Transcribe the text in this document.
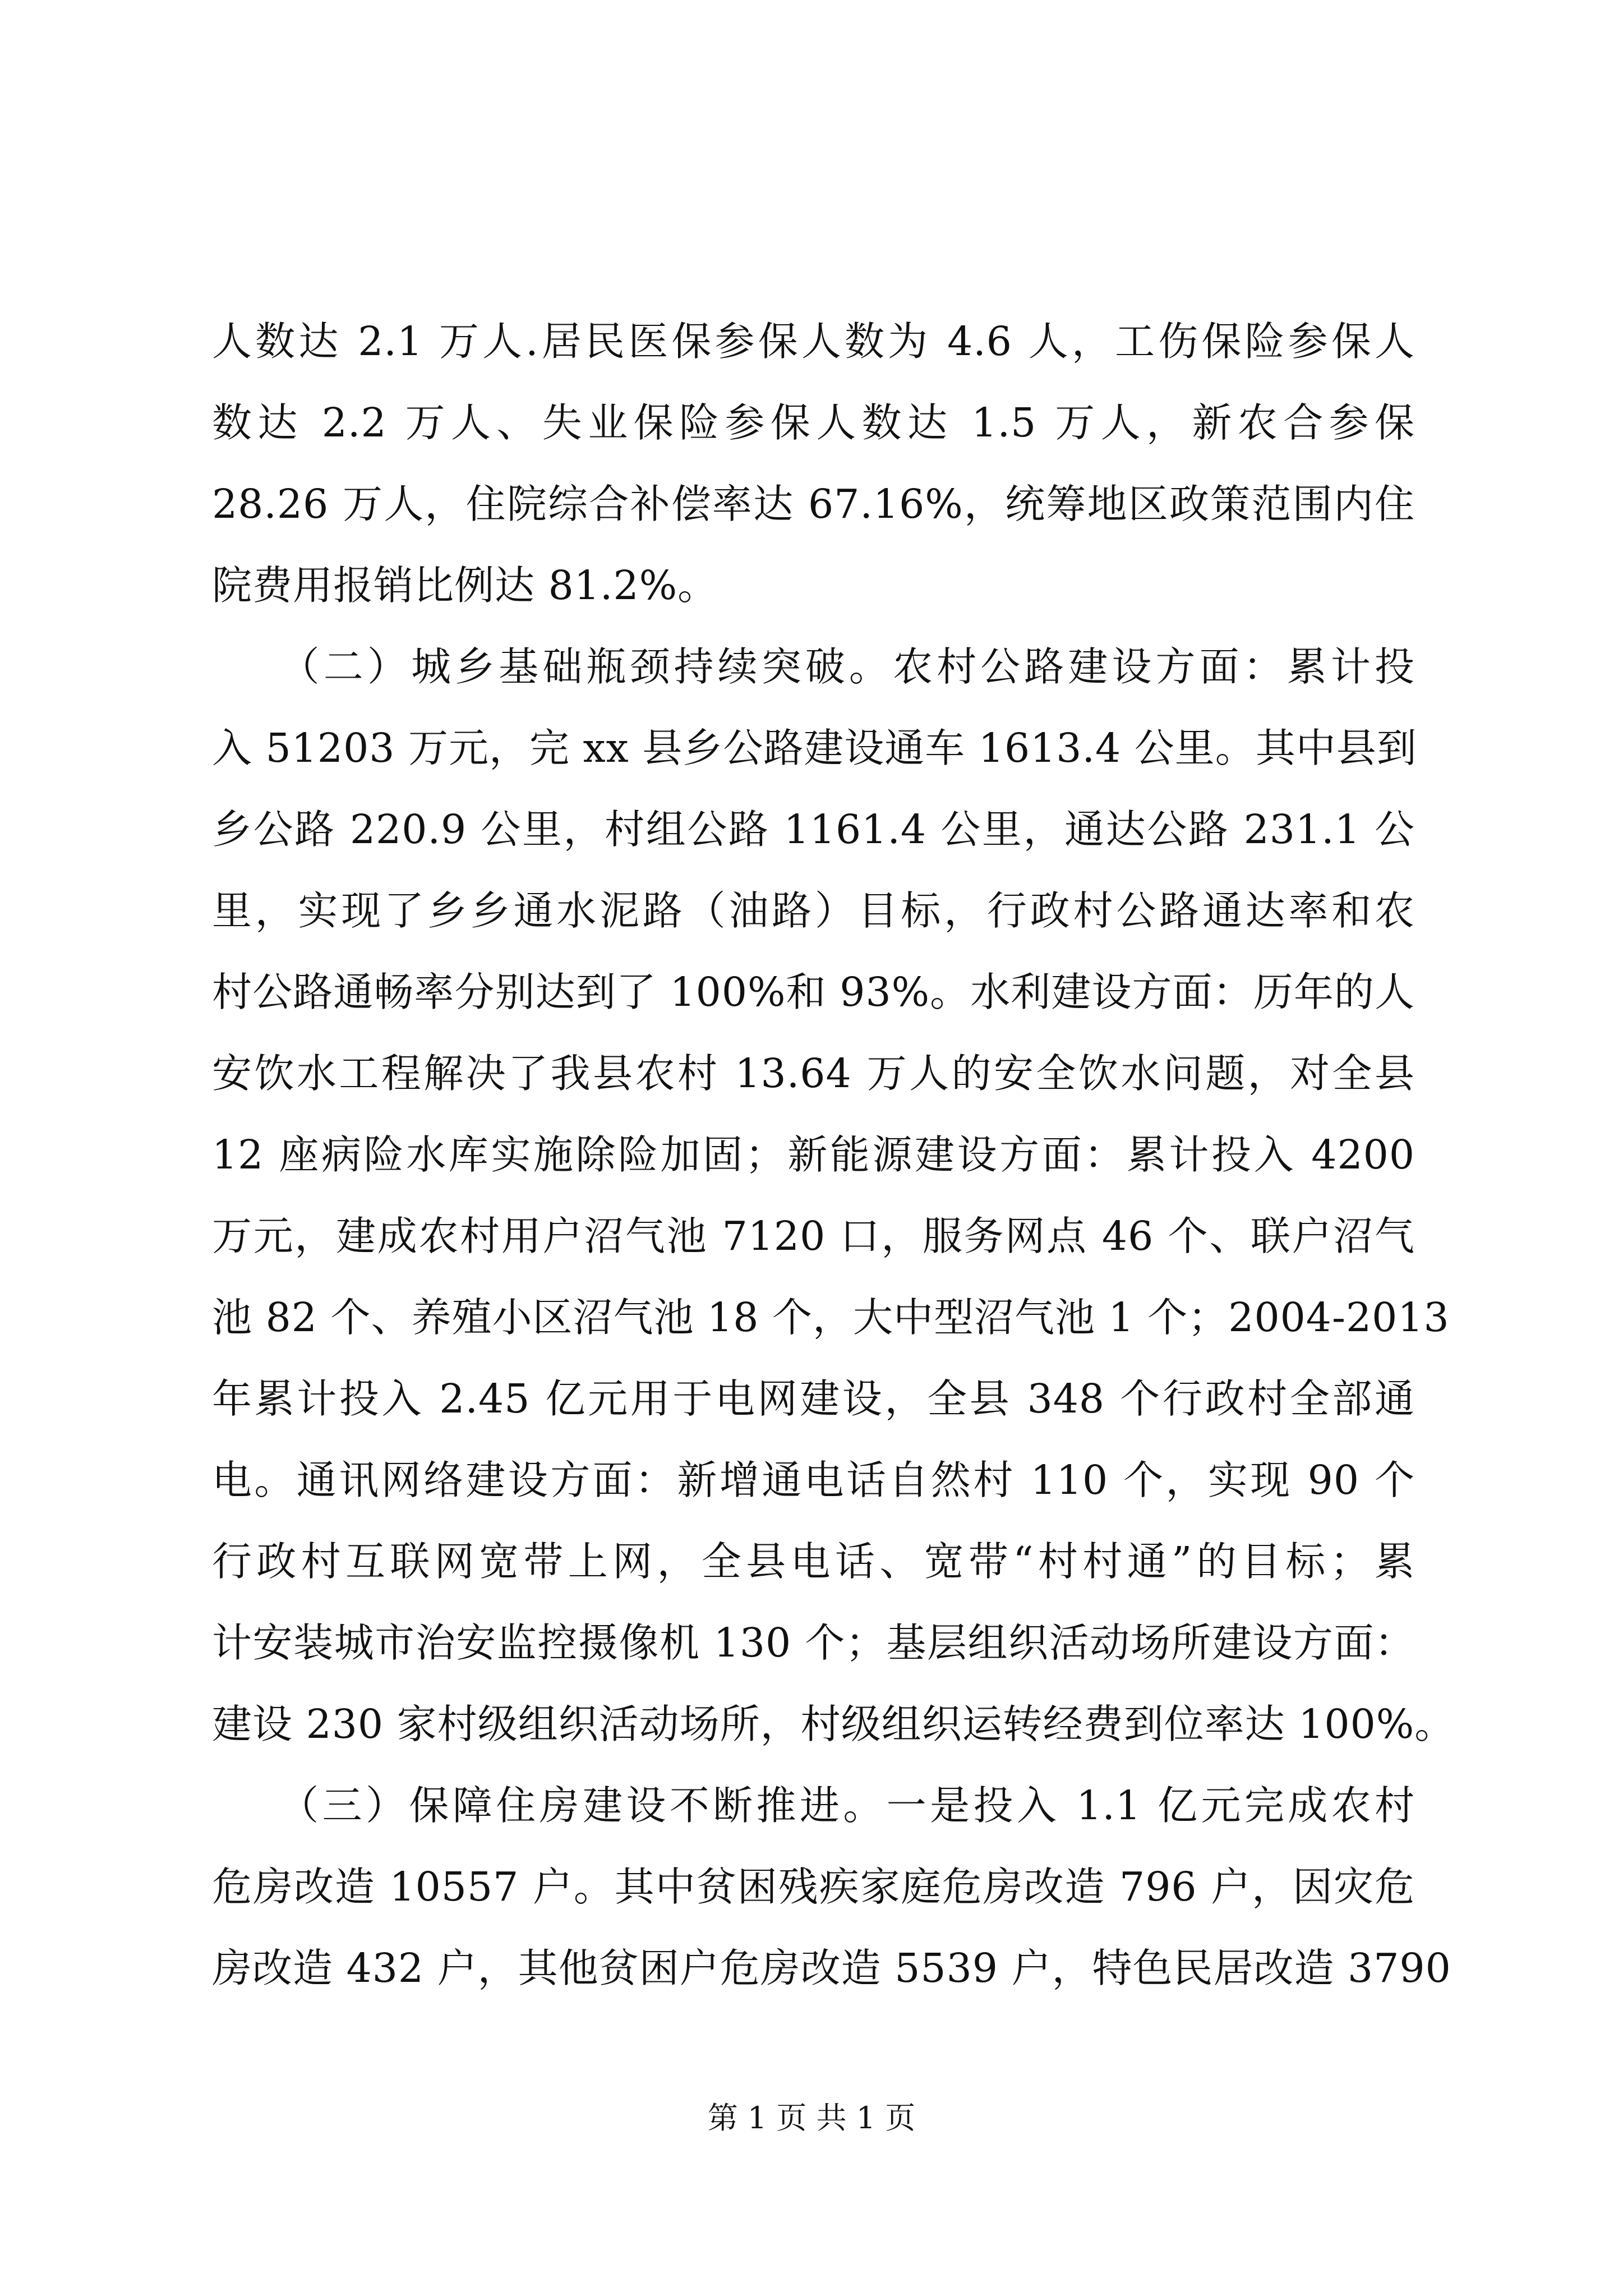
人数达 2.1 万人.居民医保参保人数为 4.6 人，工伤保险参保人
数达 2.2 万人、失业保险参保人数达 1.5 万人，新农合参保
28.26 万人，住院综合补偿率达 67.16%，统筹地区政策范围内住
院费用报销比例达 81.2%。
　　（二）城乡基础瓶颈持续突破。农村公路建设方面：累计投
入 51203 万元，完 xx 县乡公路建设通车 1613.4 公里。其中县到
乡公路 220.9 公里，村组公路 1161.4 公里，通达公路 231.1 公
里，实现了乡乡通水泥路（油路）目标，行政村公路通达率和农
村公路通畅率分别达到了 100%和 93%。水利建设方面：历年的人
安饮水工程解决了我县农村 13.64 万人的安全饮水问题，对全县
12 座病险水库实施除险加固；新能源建设方面：累计投入 4200
万元，建成农村用户沼气池 7120 口，服务网点 46 个、联户沼气
池 82 个、养殖小区沼气池 18 个，大中型沼气池 1 个；2004-2013
年累计投入 2.45 亿元用于电网建设，全县 348 个行政村全部通
电。通讯网络建设方面：新增通电话自然村 110 个，实现 90 个
行政村互联网宽带上网，全县电话、宽带“村村通”的目标；累
计安装城市治安监控摄像机 130 个；基层组织活动场所建设方面：
建设 230 家村级组织活动场所，村级组织运转经费到位率达 100%。
　　（三）保障住房建设不断推进。一是投入 1.1 亿元完成农村
危房改造 10557 户。其中贫困残疾家庭危房改造 796 户，因灾危
房改造 432 户，其他贫困户危房改造 5539 户，特色民居改造 3790
第 1 页 共 1 页
